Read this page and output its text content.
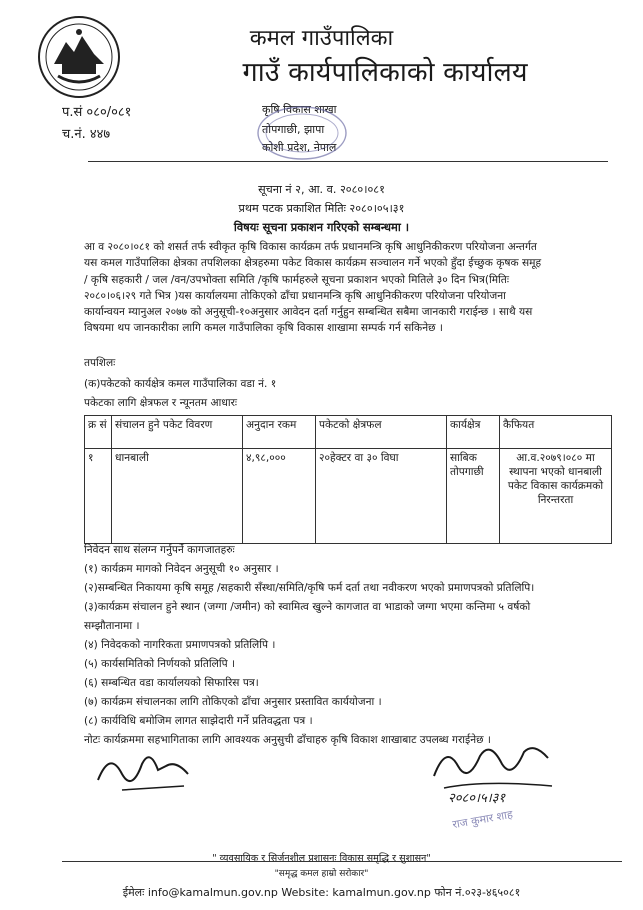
कमल गाउँपालिका
गाउँ कार्यपालिकाको कार्यालय
प.सं ०८०/०८१
च.नं. ४४७
कृषि विकास शाखा
तोपगाछी, झापा
कोशी प्रदेश, नेपाल
सूचना नं २, आ. व. २०८०।०८१
प्रथम पटक प्रकाशित मितिः २०८०।०५।३१
विषयः सूचना प्रकाशन गरिएको सम्बन्धमा ।
आ व २०८०।०८१ को शसर्त तर्फ स्वीकृत कृषि विकास कार्यक्रम तर्फ प्रधानमन्त्रि कृषि आधुनिकीकरण परियोजना अन्तर्गत
यस कमल गाउँपालिका क्षेत्रका तपशिलका क्षेत्रहरुमा पकेट विकास कार्यक्रम सञ्चालन गर्ने भएको हुँदा ईच्छुक कृषक समूह
/ कृषि सहकारी / जल /वन/उपभोक्ता समिति /कृषि फार्महरुले सूचना प्रकाशन भएको मितिले ३० दिन भित्र(मितिः
२०८०।०६।२९ गते भित्र )यस कार्यालयमा तोकिएको ढाँचा प्रधानमन्त्रि कृषि आधुनिकीकरण परियोजना परियोजना
कार्यान्वयन म्यानुअल २०७७ को अनुसूची-१०अनुसार आवेदन दर्ता गर्नुहुन सम्बन्धित सबैमा जानकारी गराईन्छ । साथै यस
विषयमा थप जानकारीका लागि कमल गाउँपालिका कृषि विकास शाखामा सम्पर्क गर्न सकिनेछ ।
तपशिलः
(क)पकेटको कार्यक्षेत्र कमल गाउँपालिका वडा नं. १
पकेटका लागि क्षेत्रफल र न्यूनतम आधारः
क्र सं	संचालन हुने पकेट विवरण	अनुदान रकम	पकेटको क्षेत्रफल	कार्यक्षेत्र	कैफियत
१	धानबाली	४,९८,०००	२०हेक्टर वा ३० विघा	साबिक तोपगाछी	आ.व.२०७९।०८० मा स्थापना भएको धानबाली पकेट विकास कार्यक्रमको निरन्तरता
निवेदन साथ संलग्न गर्नुपर्ने कागजातहरुः
(१) कार्यक्रम मागको निवेदन अनुसूची १० अनुसार ।
(२)सम्बन्धित निकायमा कृषि समूह /सहकारी सँस्था/समिति/कृषि फर्म दर्ता तथा नवीकरण भएको प्रमाणपत्रको प्रतिलिपि।
(३)कार्यक्रम संचालन हुने स्थान (जग्गा /जमीन) को स्वामित्व खुल्ने कागजात वा भाडाको जग्गा भएमा कन्तिमा ५ वर्षको
सम्झौतानामा ।
(४) निवेदकको नागरिकता प्रमाणपत्रको प्रतिलिपि ।
(५) कार्यसमितिको निर्णयको प्रतिलिपि ।
(६) सम्बन्धित वडा कार्यालयको सिफारिस पत्र।
(७) कार्यक्रम संचालनका लागि तोकिएको ढाँचा अनुसार प्रस्तावित कार्ययोजना ।
(८) कार्यविधि बमोजिम लागत साझेदारी गर्ने प्रतिवद्धता पत्र ।
नोटः कार्यक्रममा सहभागिताका लागि आवश्यक अनुसुची ढाँचाहरु कृषि विकाश शाखाबाट उपलब्ध गराईनेछ ।
२०८०।५।३१
राज कुमार शाह
" व्यवसायिक र सिर्जनशील प्रशासनः विकास समृद्धि र सुशासन"
"समृद्ध कमल हाम्रो सरोकार"
ईमेलः info@kamalmun.gov.np Website: kamalmun.gov.np फोन नं.०२३-४६५०८१
